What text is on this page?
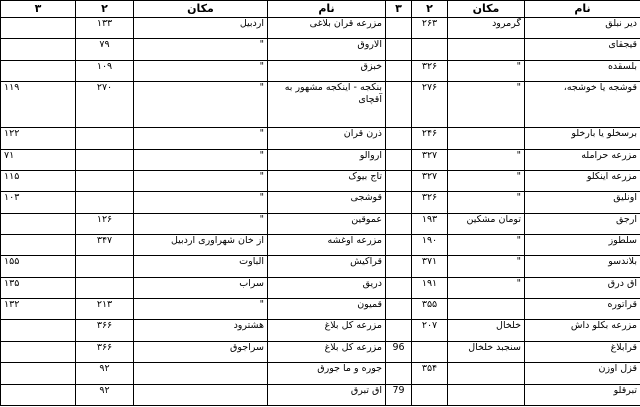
نام	مکان	۲	۳	نام	مکان	۲	۳
دیر نبلق	گرمرود	۲۶۳		مزرعه قران بلاغی	اردبیل	۱۳۳	
قیجقای				آلاروق	"	۷۹	
بلسقده	"	۳۲۶		خبزق	"	۱۰۹	
قوشجه یا خوشجه،	"	۲۷۶		بنکجه - اینکجه مشهور به آقچای	"	۲۷۰	۱۱۹
برسخلو یا بارخلو		۲۴۶		ذرن قران	"		۱۲۲
مزرعه حرامله	"	۳۲۷		اروالو	"		۷۱
مزرعه اینکلو	"	۳۲۷		تاج بیوک	"		۱۱۵
اونلیق	"	۳۲۶		قوشجی	"		۱۰۳
ارجق	تومان مشکین	۱۹۳		عموقین	"	۱۲۶	
سلطوز	"	۱۹۰		مزرعه اوغشه	از خان شهراوری اردبیل	۳۴۷	
بلاندسو	"	۳۷۱		قراکیش	الباوت		۱۵۵
آق درق	"	۱۹۱		دریق	سراب		۱۳۵
قراتوره		۳۵۵		قمیون	"	۲۱۳	۱۳۲
مزرعه بکلو داش	خلخال	۲۰۷		مزرعه کل بلاغ	هشترود	۳۶۶	
قرابلاغ	سنجبد خلخال		96	مزرعه کل بلاغ	سراجوق	۳۶۶	
قزل اوزن		۳۵۴		جوره و ما جورق		۹۲	
تبرقلو			79	آق تبرق		۹۲	
